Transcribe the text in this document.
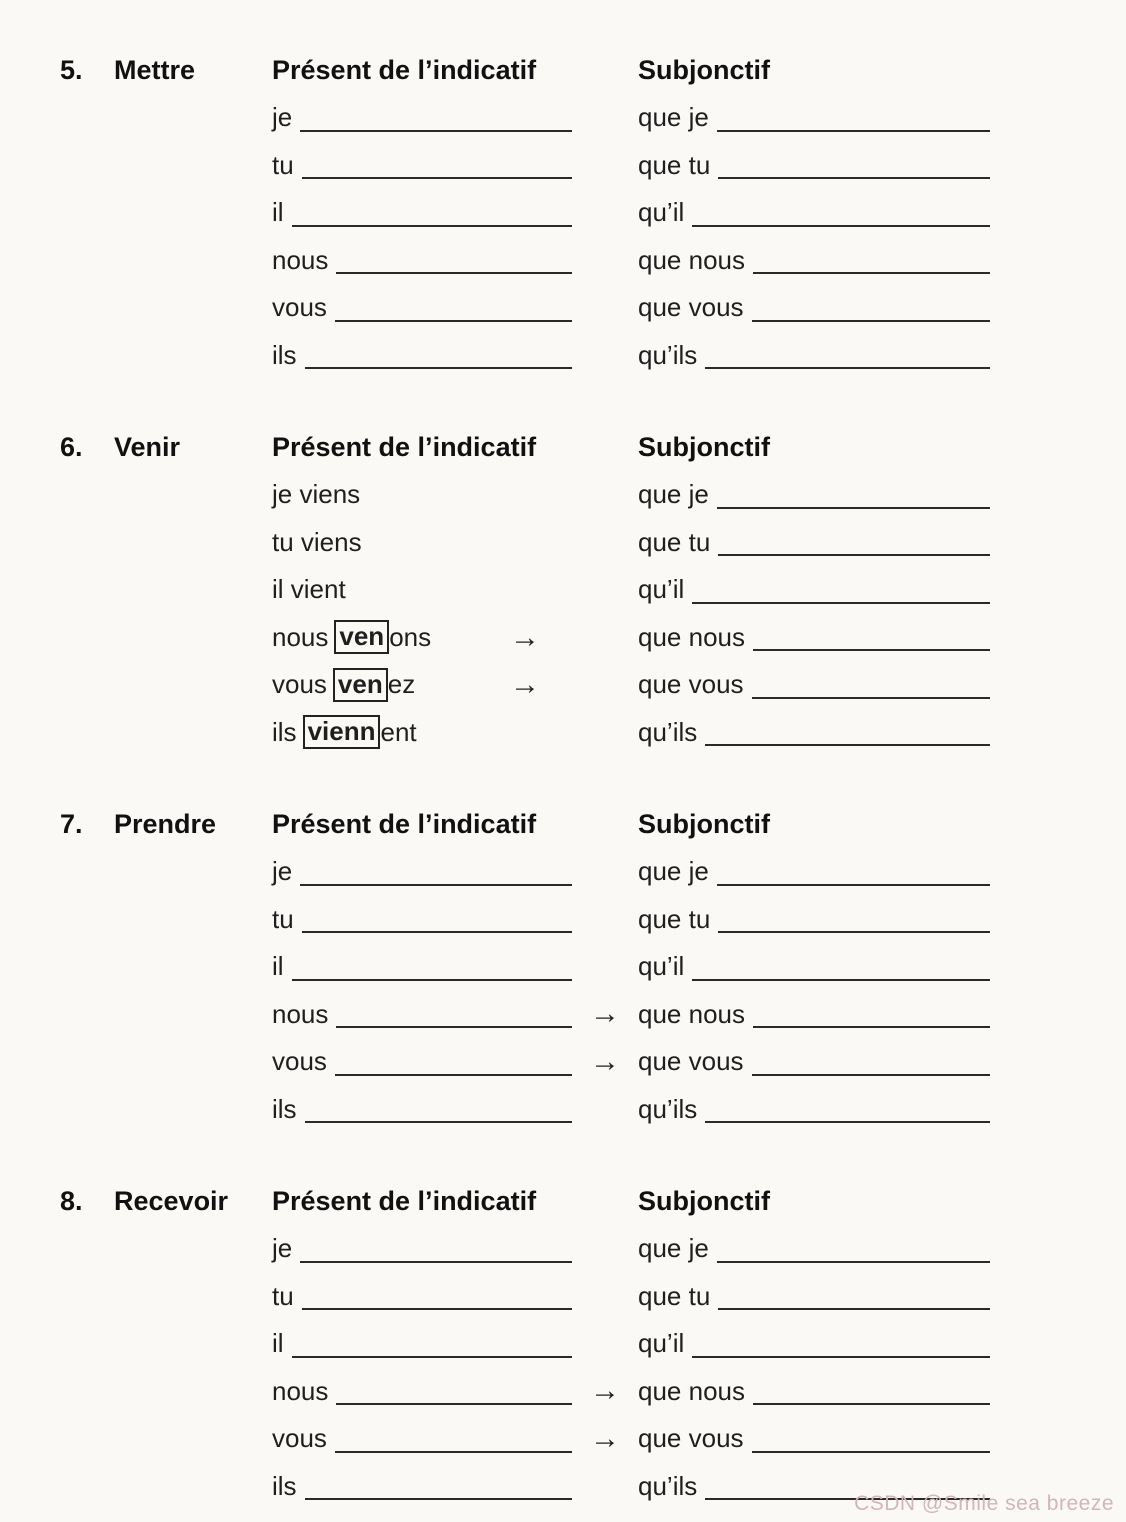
5. Mettre	Présent de l’indicatif	Subjonctif
je	que je
tu	que tu
il	qu’il
nous	que nous
vous	que vous
ils	qu’ils
6. Venir	Présent de l’indicatif	Subjonctif
je viens	que je
tu viens	que tu
il vient	qu’il
nous ven ons	→	que nous
vous ven ez	→	que vous
ils vienn ent	qu’ils
7. Prendre Présent de l’indicatif	Subjonctif
je	que je
tu	que tu
il	qu’il
nous	→ que nous
vous	→ que vous
ils	qu’ils
8. Recevoir Présent de l’indicatif	Subjonctif
je	que je
tu	que tu
il	qu’il
nous	→ que nous
vous	→ que vous
ils	qu’ils
CSDN @Smile sea breeze
